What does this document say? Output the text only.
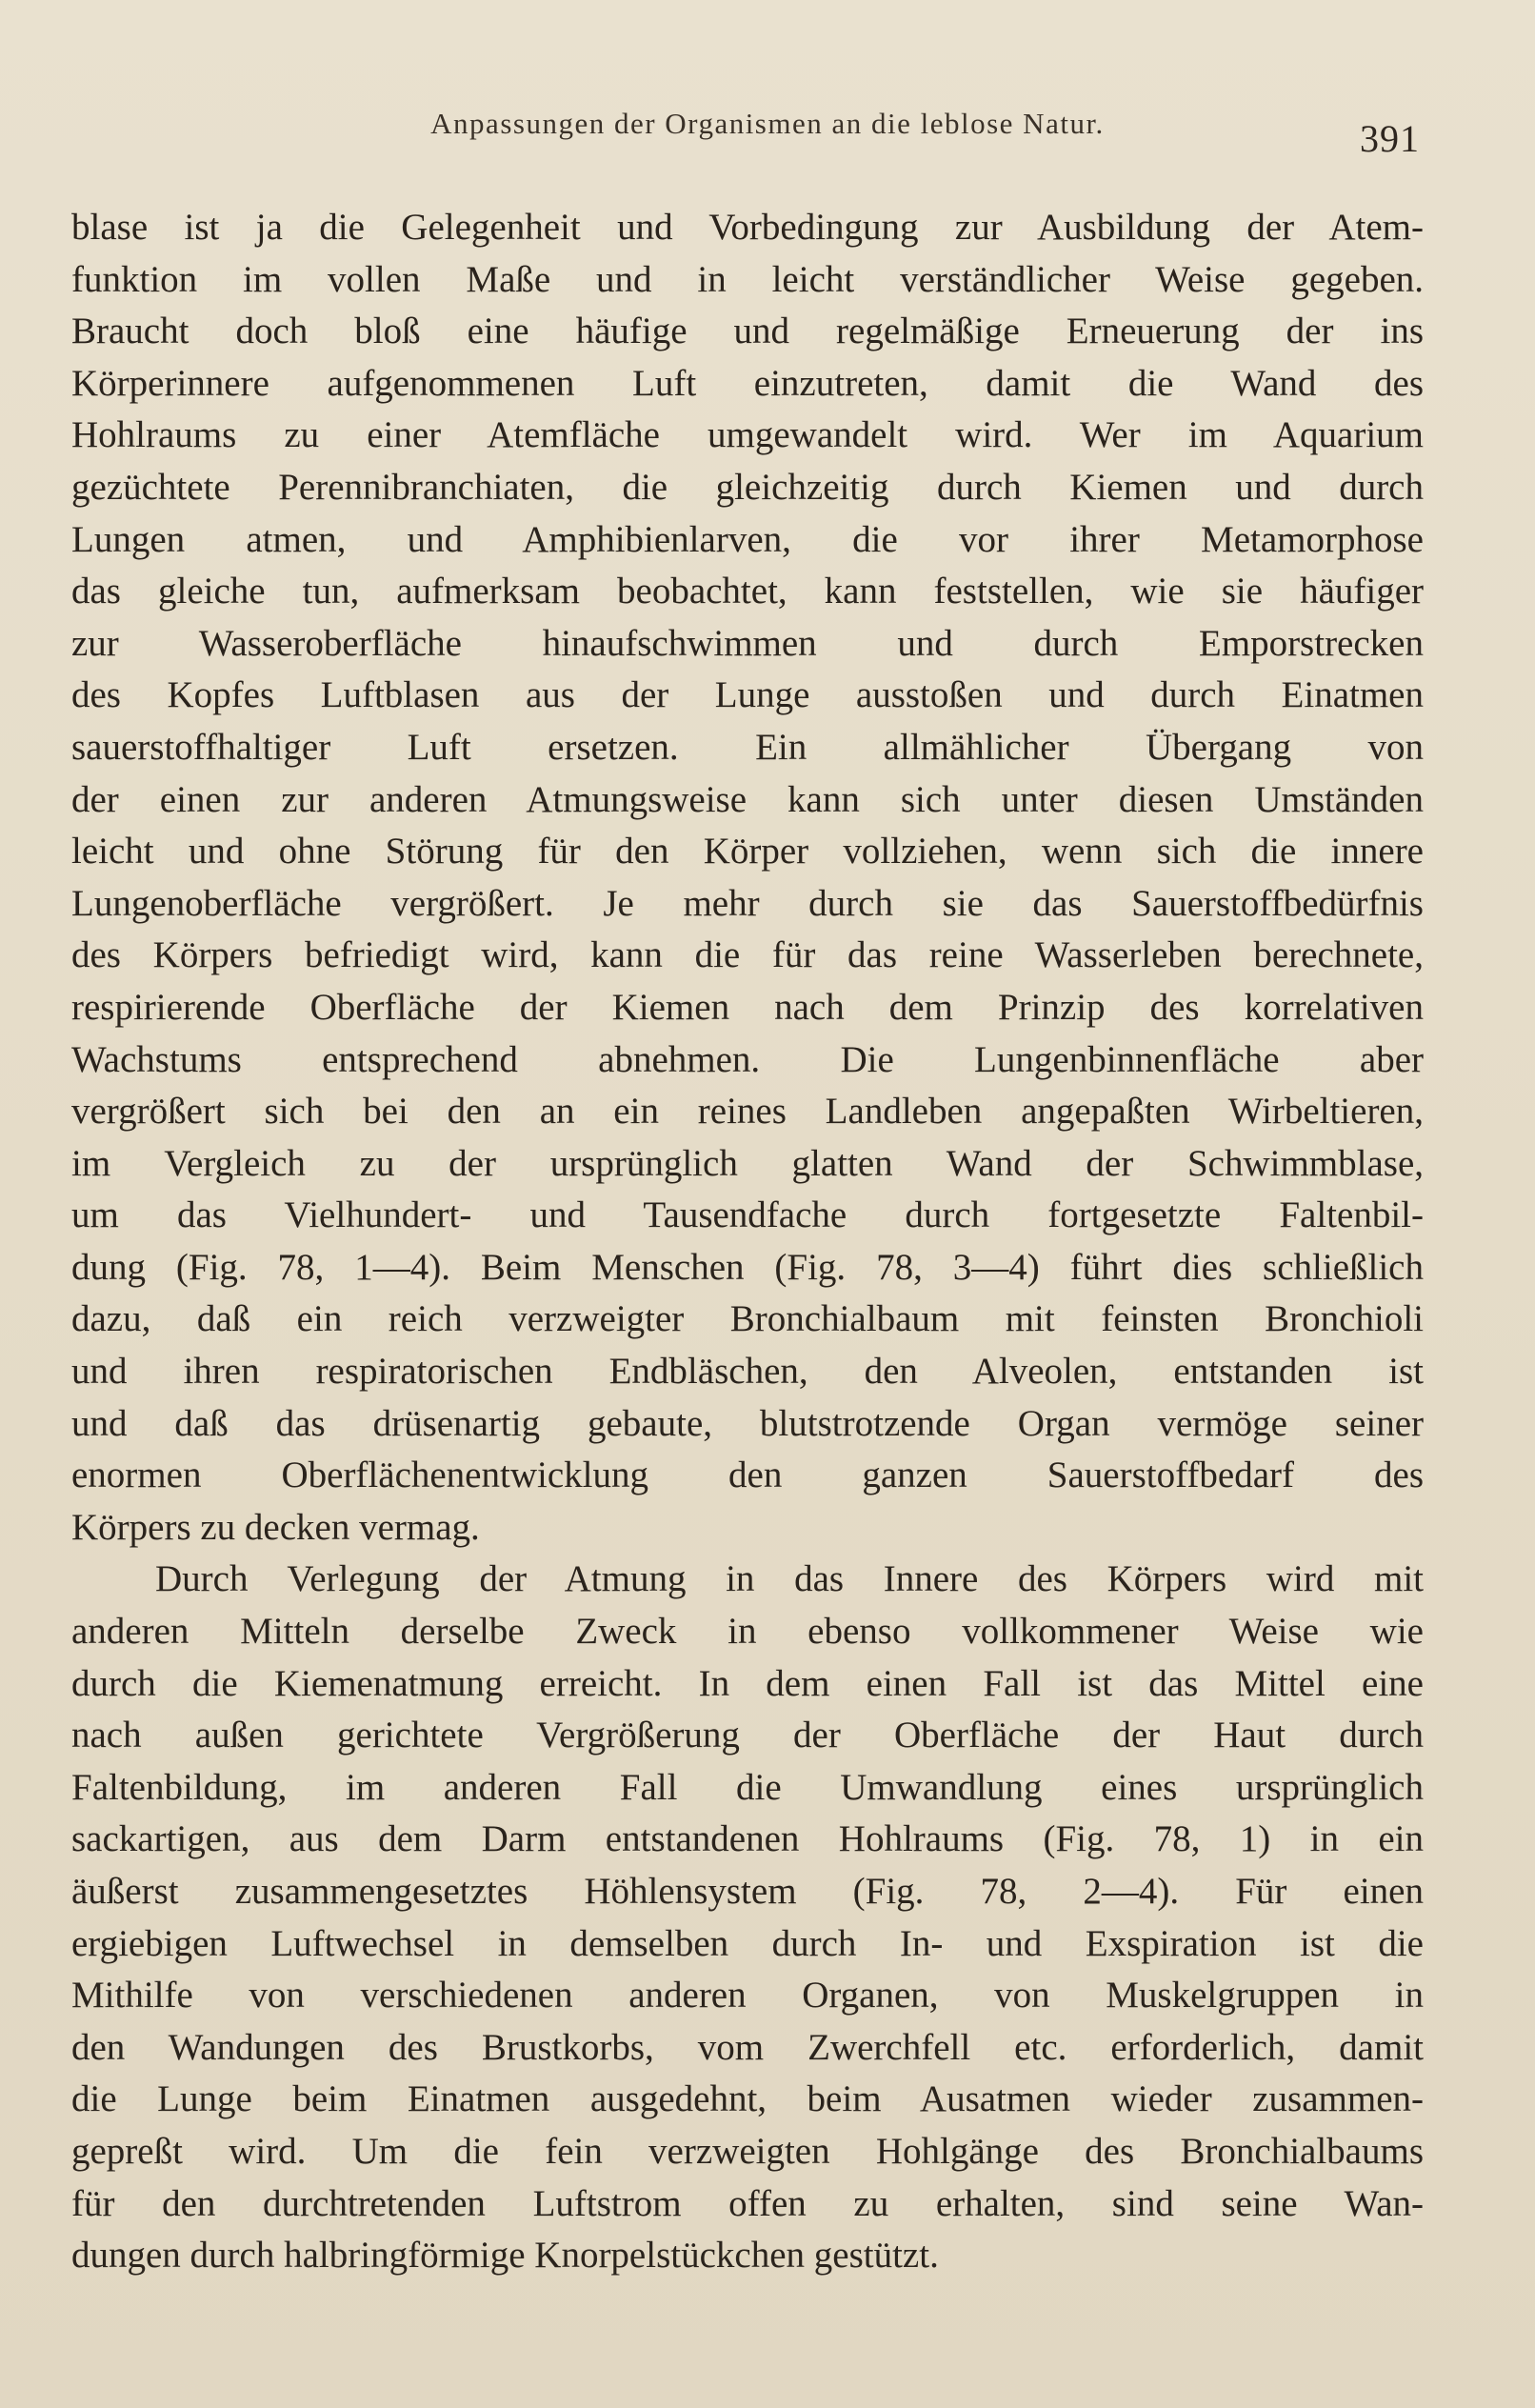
Anpassungen der Organismen an die leblose Natur.	391

blase ist ja die Gelegenheit und Vorbedingung zur Ausbildung der Atem-
funktion im vollen Maße und in leicht verständlicher Weise gegeben.
Braucht doch bloß eine häufige und regelmäßige Erneuerung der ins
Körperinnere aufgenommenen Luft einzutreten, damit die Wand des
Hohlraums zu einer Atemfläche umgewandelt wird. Wer im Aquarium
gezüchtete Perennibranchiaten, die gleichzeitig durch Kiemen und durch
Lungen atmen, und Amphibienlarven, die vor ihrer Metamorphose
das gleiche tun, aufmerksam beobachtet, kann feststellen, wie sie häufiger
zur Wasseroberfläche hinaufschwimmen und durch Emporstrecken
des Kopfes Luftblasen aus der Lunge ausstoßen und durch Einatmen
sauerstoffhaltiger Luft ersetzen. Ein allmählicher Übergang von
der einen zur anderen Atmungsweise kann sich unter diesen Umständen
leicht und ohne Störung für den Körper vollziehen, wenn sich die innere
Lungenoberfläche vergrößert. Je mehr durch sie das Sauerstoffbedürfnis
des Körpers befriedigt wird, kann die für das reine Wasserleben berechnete,
respirierende Oberfläche der Kiemen nach dem Prinzip des korrelativen
Wachstums entsprechend abnehmen. Die Lungenbinnenfläche aber
vergrößert sich bei den an ein reines Landleben angepaßten Wirbeltieren,
im Vergleich zu der ursprünglich glatten Wand der Schwimmblase,
um das Vielhundert- und Tausendfache durch fortgesetzte Faltenbil-
dung (Fig. 78, 1—4). Beim Menschen (Fig. 78, 3—4) führt dies schließlich
dazu, daß ein reich verzweigter Bronchialbaum mit feinsten Bronchioli
und ihren respiratorischen Endbläschen, den Alveolen, entstanden ist
und daß das drüsenartig gebaute, blutstrotzende Organ vermöge seiner
enormen Oberflächenentwicklung den ganzen Sauerstoffbedarf des
Körpers zu decken vermag.

Durch Verlegung der Atmung in das Innere des Körpers wird mit
anderen Mitteln derselbe Zweck in ebenso vollkommener Weise wie
durch die Kiemenatmung erreicht. In dem einen Fall ist das Mittel eine
nach außen gerichtete Vergrößerung der Oberfläche der Haut durch
Faltenbildung, im anderen Fall die Umwandlung eines ursprünglich
sackartigen, aus dem Darm entstandenen Hohlraums (Fig. 78, 1) in ein
äußerst zusammengesetztes Höhlensystem (Fig. 78, 2—4). Für einen
ergiebigen Luftwechsel in demselben durch In- und Exspiration ist die
Mithilfe von verschiedenen anderen Organen, von Muskelgruppen in
den Wandungen des Brustkorbs, vom Zwerchfell etc. erforderlich, damit
die Lunge beim Einatmen ausgedehnt, beim Ausatmen wieder zusammen-
gepreßt wird. Um die fein verzweigten Hohlgänge des Bronchialbaums
für den durchtretenden Luftstrom offen zu erhalten, sind seine Wan-
dungen durch halbringförmige Knorpelstückchen gestützt.
